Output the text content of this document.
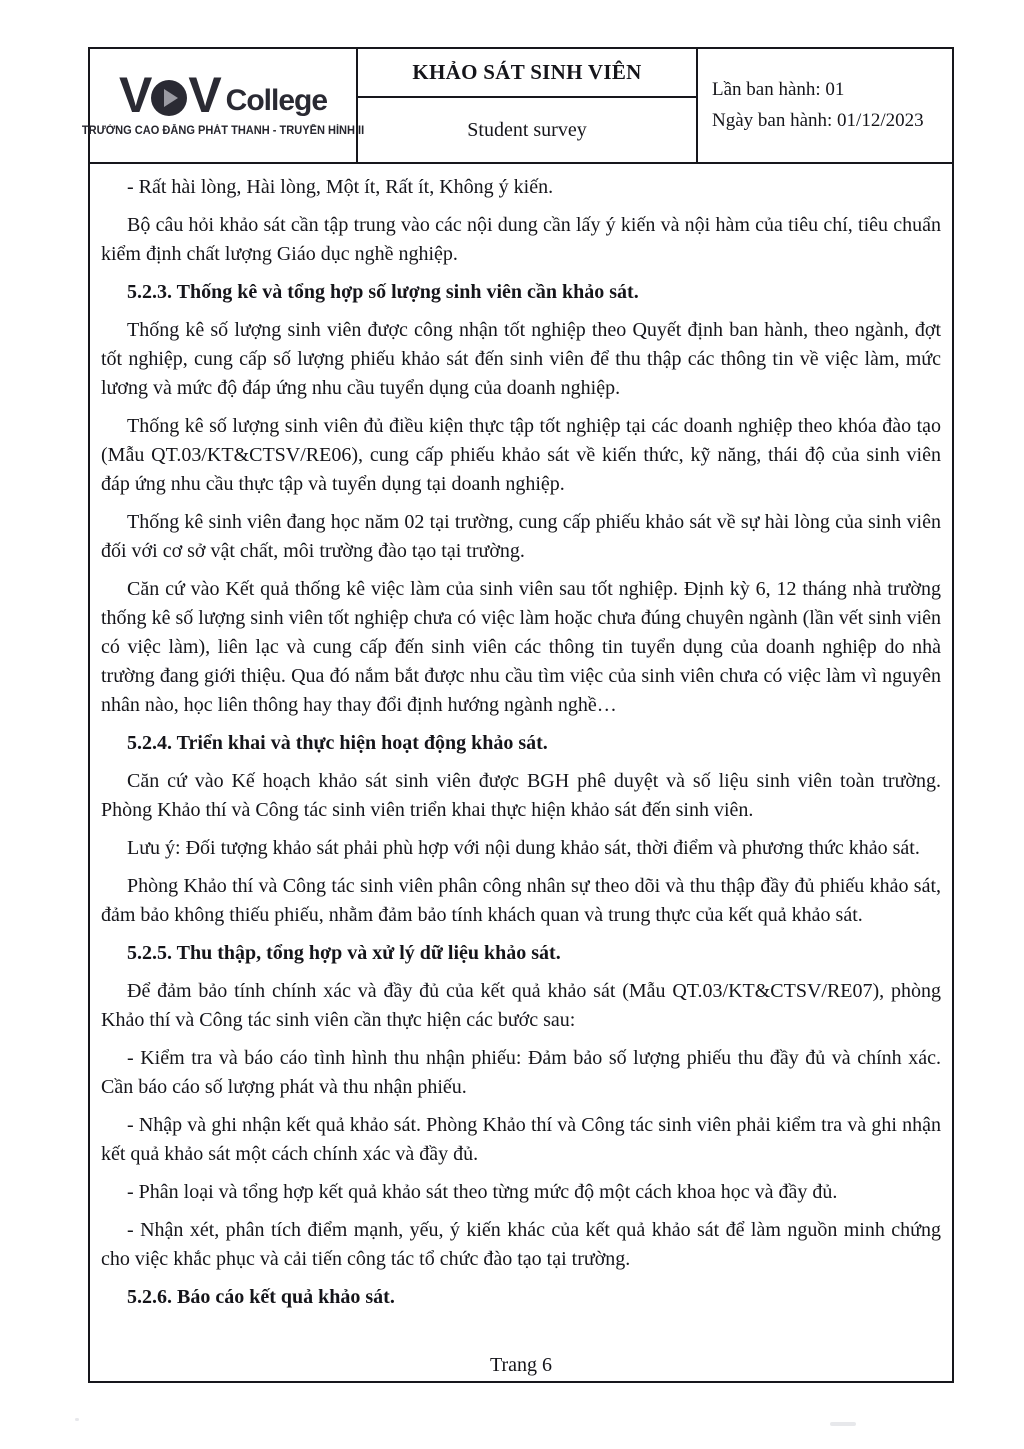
V V College
TRƯỜNG CAO ĐẲNG PHÁT THANH - TRUYỀN HÌNH II
KHẢO SÁT SINH VIÊN
Student survey
Lần ban hành: 01
Ngày ban hành: 01/12/2023

- Rất hài lòng, Hài lòng, Một ít, Rất ít, Không ý kiến.

Bộ câu hỏi khảo sát cần tập trung vào các nội dung cần lấy ý kiến và nội hàm của tiêu chí, tiêu chuẩn kiểm định chất lượng Giáo dục nghề nghiệp.

5.2.3. Thống kê và tổng hợp số lượng sinh viên cần khảo sát.

Thống kê số lượng sinh viên được công nhận tốt nghiệp theo Quyết định ban hành, theo ngành, đợt tốt nghiệp, cung cấp số lượng phiếu khảo sát đến sinh viên để thu thập các thông tin về việc làm, mức lương và mức độ đáp ứng nhu cầu tuyển dụng của doanh nghiệp.

Thống kê số lượng sinh viên đủ điều kiện thực tập tốt nghiệp tại các doanh nghiệp theo khóa đào tạo (Mẫu QT.03/KT&CTSV/RE06), cung cấp phiếu khảo sát về kiến thức, kỹ năng, thái độ của sinh viên đáp ứng nhu cầu thực tập và tuyển dụng tại doanh nghiệp.

Thống kê sinh viên đang học năm 02 tại trường, cung cấp phiếu khảo sát về sự hài lòng của sinh viên đối với cơ sở vật chất, môi trường đào tạo tại trường.

Căn cứ vào Kết quả thống kê việc làm của sinh viên sau tốt nghiệp. Định kỳ 6, 12 tháng nhà trường thống kê số lượng sinh viên tốt nghiệp chưa có việc làm hoặc chưa đúng chuyên ngành (lần vết sinh viên có việc làm), liên lạc và cung cấp đến sinh viên các thông tin tuyển dụng của doanh nghiệp do nhà trường đang giới thiệu. Qua đó nắm bắt được nhu cầu tìm việc của sinh viên chưa có việc làm vì nguyên nhân nào, học liên thông hay thay đổi định hướng ngành nghề…

5.2.4. Triển khai và thực hiện hoạt động khảo sát.

Căn cứ vào Kế hoạch khảo sát sinh viên được BGH phê duyệt và số liệu sinh viên toàn trường. Phòng Khảo thí và Công tác sinh viên triển khai thực hiện khảo sát đến sinh viên.

Lưu ý: Đối tượng khảo sát phải phù hợp với nội dung khảo sát, thời điểm và phương thức khảo sát.

Phòng Khảo thí và Công tác sinh viên phân công nhân sự theo dõi và thu thập đầy đủ phiếu khảo sát, đảm bảo không thiếu phiếu, nhằm đảm bảo tính khách quan và trung thực của kết quả khảo sát.

5.2.5. Thu thập, tổng hợp và xử lý dữ liệu khảo sát.

Để đảm bảo tính chính xác và đầy đủ của kết quả khảo sát (Mẫu QT.03/KT&CTSV/RE07), phòng Khảo thí và Công tác sinh viên cần thực hiện các bước sau:

- Kiểm tra và báo cáo tình hình thu nhận phiếu: Đảm bảo số lượng phiếu thu đầy đủ và chính xác. Cần báo cáo số lượng phát và thu nhận phiếu.

- Nhập và ghi nhận kết quả khảo sát. Phòng Khảo thí và Công tác sinh viên phải kiểm tra và ghi nhận kết quả khảo sát một cách chính xác và đầy đủ.

- Phân loại và tổng hợp kết quả khảo sát theo từng mức độ một cách khoa học và đầy đủ.

- Nhận xét, phân tích điểm mạnh, yếu, ý kiến khác của kết quả khảo sát để làm nguồn minh chứng cho việc khắc phục và cải tiến công tác tổ chức đào tạo tại trường.

5.2.6. Báo cáo kết quả khảo sát.

Trang 6
